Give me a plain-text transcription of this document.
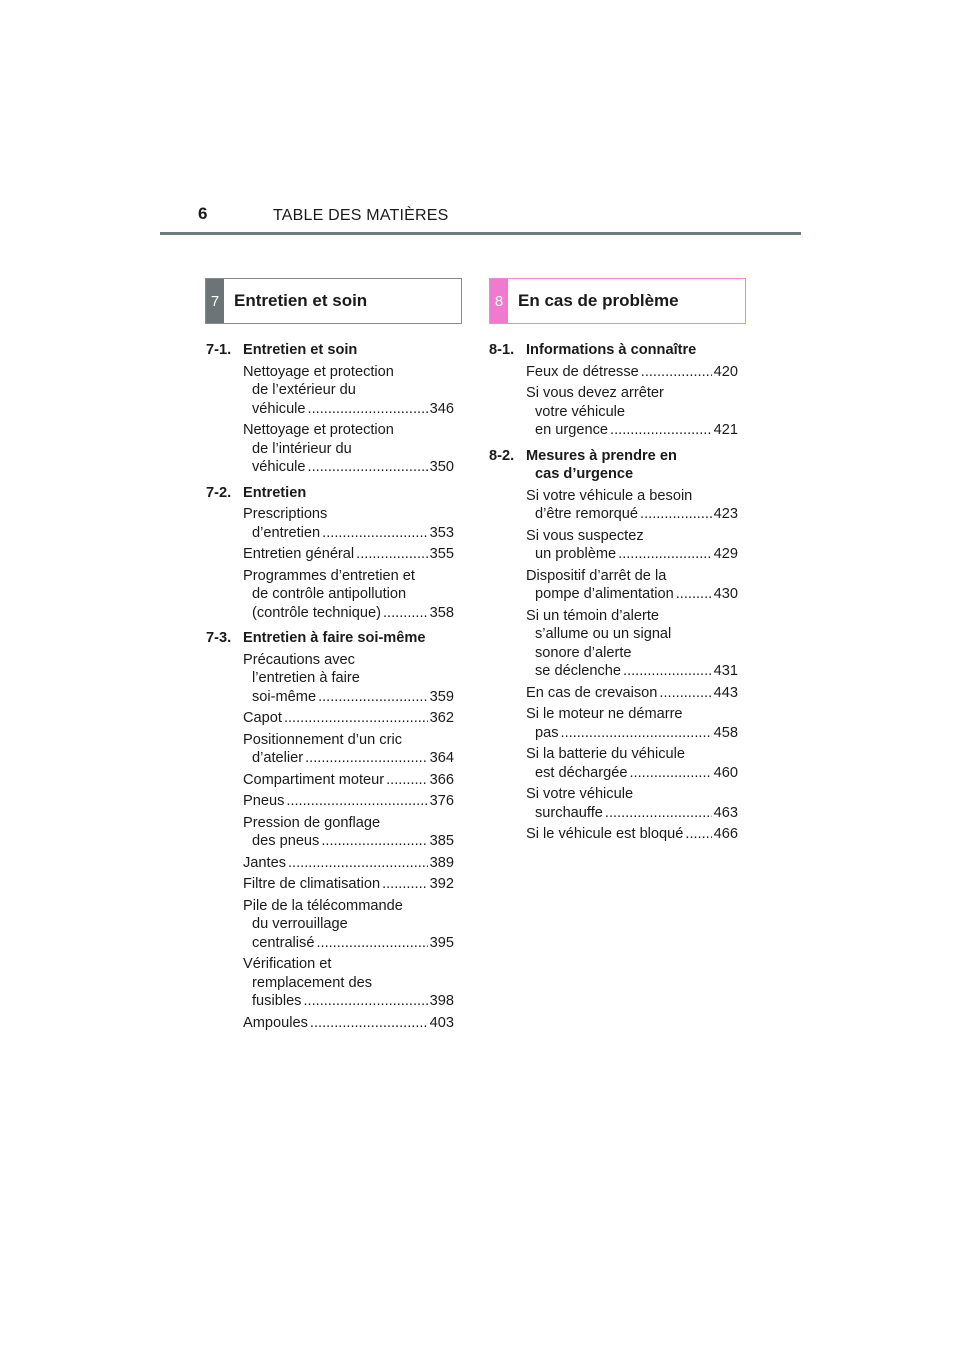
6	TABLE DES MATIÈRES
7 Entretien et soin	8 En cas de problème
7-1. Entretien et soin
Nettoyage et protection
de l’extérieur du
véhicule .....	346
Nettoyage et protection
de l’intérieur du
véhicule .....	350
7-2. Entretien
Prescriptions
d’entretien .....	353
Entretien général .....	355
Programmes d’entretien et
de contrôle antipollution
(contrôle technique) .....	358
7-3. Entretien à faire soi-même
Précautions avec
l’entretien à faire
soi-même .....	359
Capot .....	362
Positionnement d’un cric
d’atelier .....	364
Compartiment moteur .....	366
Pneus .....	376
Pression de gonflage
des pneus .....	385
Jantes .....	389
Filtre de climatisation .....	392
Pile de la télécommande
du verrouillage
centralisé .....	395
Vérification et
remplacement des
fusibles .....	398
Ampoules .....	403
8-1. Informations à connaître
Feux de détresse .....	420
Si vous devez arrêter
votre véhicule
en urgence .....	421
8-2. Mesures à prendre en
cas d’urgence
Si votre véhicule a besoin
d’être remorqué .....	423
Si vous suspectez
un problème .....	429
Dispositif d’arrêt de la
pompe d’alimentation .....	430
Si un témoin d’alerte
s’allume ou un signal
sonore d’alerte
se déclenche .....	431
En cas de crevaison .....	443
Si le moteur ne démarre
pas .....	458
Si la batterie du véhicule
est déchargée .....	460
Si votre véhicule
surchauffe .....	463
Si le véhicule est bloqué ..... 466
